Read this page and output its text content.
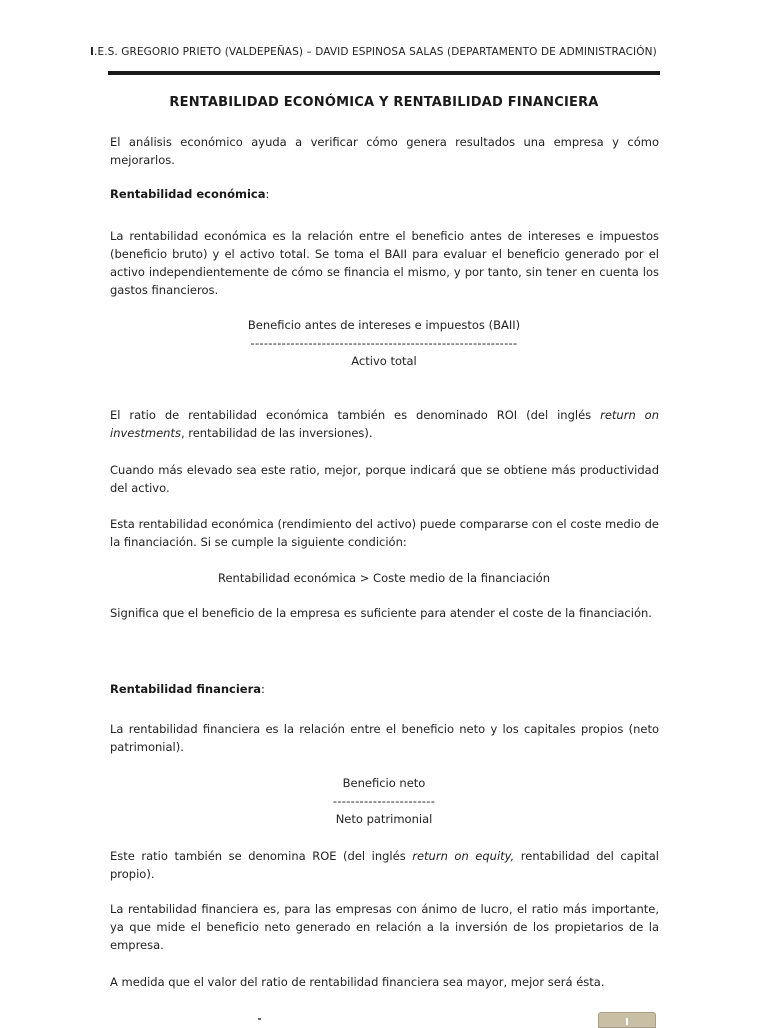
I.E.S. GREGORIO PRIETO (VALDEPEÑAS) – DAVID ESPINOSA SALAS (DEPARTAMENTO DE ADMINISTRACIÓN)
RENTABILIDAD ECONÓMICA Y RENTABILIDAD FINANCIERA
El análisis económico ayuda a verificar cómo genera resultados una empresa y cómo mejorarlos.
Rentabilidad económica:
La rentabilidad económica es la relación entre el beneficio antes de intereses e impuestos (beneficio bruto) y el activo total. Se toma el BAII para evaluar el beneficio generado por el activo independientemente de cómo se financia el mismo, y por tanto, sin tener en cuenta los gastos financieros.
Beneficio antes de intereses e impuestos (BAII)
------------------------------------------------------------
Activo total
El ratio de rentabilidad económica también es denominado ROI (del inglés return on investments, rentabilidad de las inversiones).
Cuando más elevado sea este ratio, mejor, porque indicará que se obtiene más productividad del activo.
Esta rentabilidad económica (rendimiento del activo) puede compararse con el coste medio de la financiación. Si se cumple la siguiente condición:
Rentabilidad económica > Coste medio de la financiación
Significa que el beneficio de la empresa es suficiente para atender el coste de la financiación.
Rentabilidad financiera:
La rentabilidad financiera es la relación entre el beneficio neto y los capitales propios (neto patrimonial).
Beneficio neto
-----------------------
Neto patrimonial
Este ratio también se denomina ROE (del inglés return on equity, rentabilidad del capital propio).
La rentabilidad financiera es, para las empresas con ánimo de lucro, el ratio más importante, ya que mide el beneficio neto generado en relación a la inversión de los propietarios de la empresa.
A medida que el valor del ratio de rentabilidad financiera sea mayor, mejor será ésta.
